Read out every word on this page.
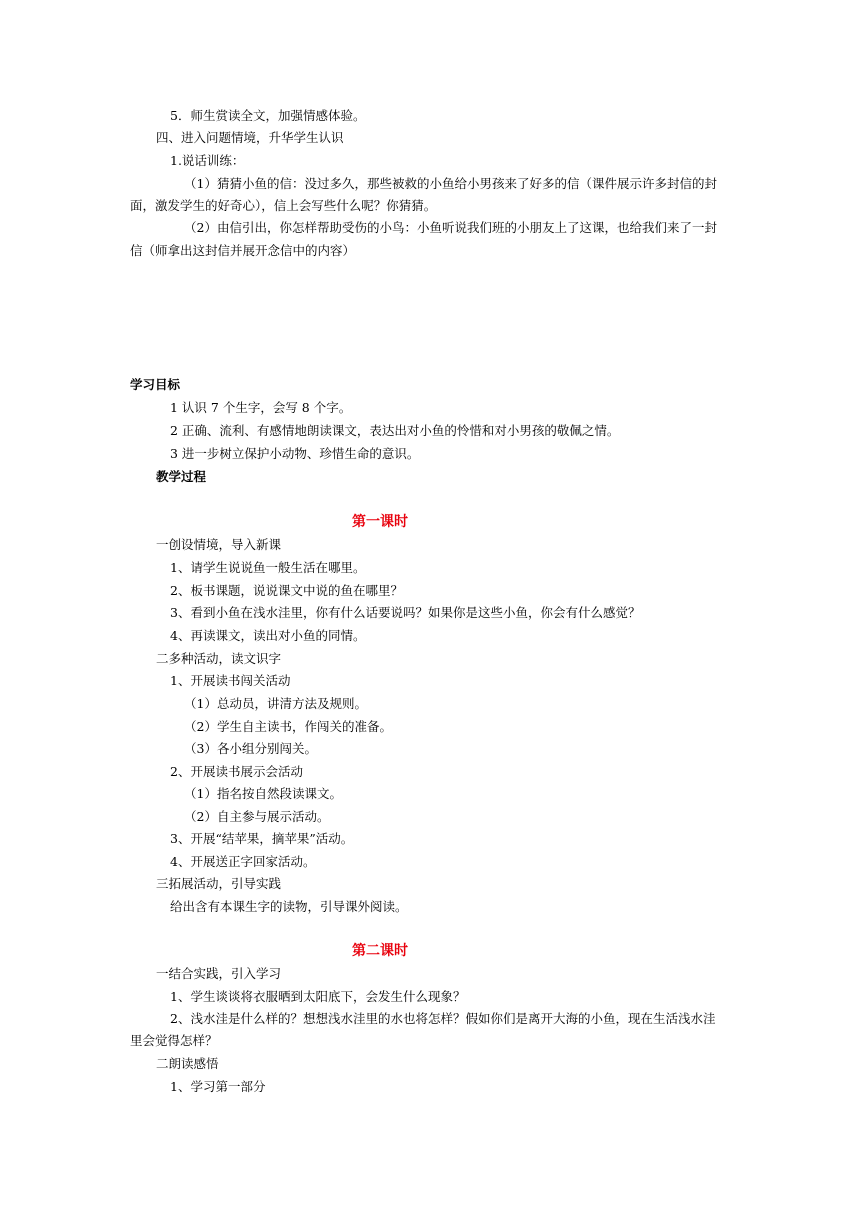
5．师生赏读全文，加强情感体验。
四、进入问题情境，升华学生认识
1.说话训练：
（1）猜猜小鱼的信：没过多久，那些被救的小鱼给小男孩来了好多的信（课件展示许多封信的封
面，激发学生的好奇心），信上会写些什么呢？你猜猜。
（2）由信引出，你怎样帮助受伤的小鸟：小鱼听说我们班的小朋友上了这课，也给我们来了一封
信（师拿出这封信并展开念信中的内容）
学习目标
1 认识 7 个生字，会写 8 个字。
2 正确、流利、有感情地朗读课文，表达出对小鱼的怜惜和对小男孩的敬佩之情。
3 进一步树立保护小动物、珍惜生命的意识。
教学过程
第一课时
一创设情境，导入新课
1、请学生说说鱼一般生活在哪里。
2、板书课题，说说课文中说的鱼在哪里？
3、看到小鱼在浅水洼里，你有什么话要说吗？如果你是这些小鱼，你会有什么感觉？
4、再读课文，读出对小鱼的同情。
二多种活动，读文识字
1、开展读书闯关活动
（1）总动员，讲清方法及规则。
（2）学生自主读书，作闯关的准备。
（3）各小组分别闯关。
2、开展读书展示会活动
（1）指名按自然段读课文。
（2）自主参与展示活动。
3、开展“结苹果，摘苹果”活动。
4、开展送正字回家活动。
三拓展活动，引导实践
给出含有本课生字的读物，引导课外阅读。
第二课时
一结合实践，引入学习
1、学生谈谈将衣服晒到太阳底下，会发生什么现象？
2、浅水洼是什么样的？想想浅水洼里的水也将怎样？假如你们是离开大海的小鱼，现在生活浅水洼
里会觉得怎样？
二朗读感悟
1、学习第一部分
